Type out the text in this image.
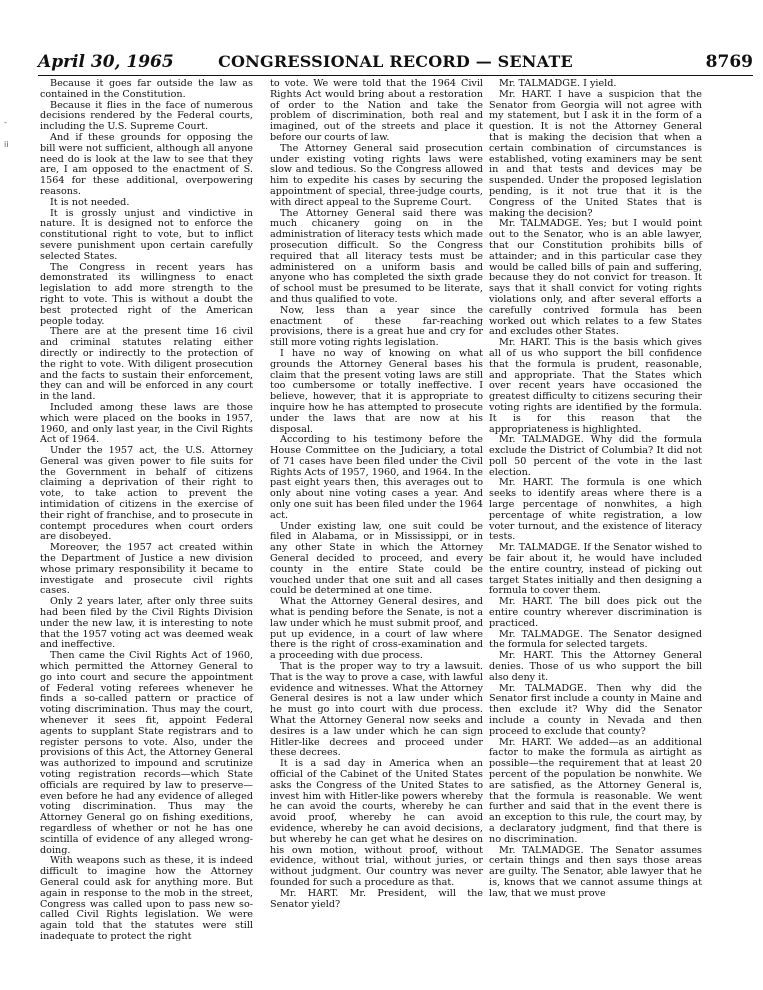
April 30, 1965	CONGRESSIONAL RECORD — SENATE	8769
-
ii

Because it goes far outside the law as contained in the Constitution.

Because it flies in the face of numerous decisions rendered by the Federal courts, including the U.S. Supreme Court.

And if these grounds for opposing the bill were not sufficient, although all anyone need do is look at the law to see that they are, I am opposed to the enactment of S. 1564 for these additional, overpowering reasons.

It is not needed.

It is grossly unjust and vindictive in nature. It is designed not to enforce the constitutional right to vote, but to inflict severe punishment upon certain carefully selected States.

The Congress in recent years has demonstrated its willingness to enact legislation to add more strength to the right to vote. This is without a doubt the best protected right of the American people today.

There are at the present time 16 civil and criminal statutes relating either directly or indirectly to the protection of the right to vote. With diligent prosecution and the facts to sustain their enforcement, they can and will be enforced in any court in the land.

Included among these laws are those which were placed on the books in 1957, 1960, and only last year, in the Civil Rights Act of 1964.

Under the 1957 act, the U.S. Attorney General was given power to file suits for the Government in behalf of citizens claiming a deprivation of their right to vote, to take action to prevent the intimidation of citizens in the exercise of their right of franchise, and to prosecute in contempt procedures when court orders are disobeyed.

Moreover, the 1957 act created within the Department of Justice a new division whose primary responsibility it became to investigate and prosecute civil rights cases.

Only 2 years later, after only three suits had been filed by the Civil Rights Division under the new law, it is interesting to note that the 1957 voting act was deemed weak and ineffective.

Then came the Civil Rights Act of 1960, which permitted the Attorney General to go into court and secure the appointment of Federal voting referees whenever he finds a so-called pattern or practice of voting discrimination. Thus may the court, whenever it sees fit, appoint Federal agents to supplant State registrars and to register persons to vote. Also, under the provisions of this Act, the Attorney General was authorized to impound and scrutinize voting registration records—which State officials are required by law to preserve—even before he had any evidence of alleged voting discrimination. Thus may the Attorney General go on fishing exeditions, regardless of whether or not he has one scintilla of evidence of any alleged wrong-doing.

With weapons such as these, it is indeed difficult to imagine how the Attorney General could ask for anything more. But again in response to the mob in the street, Congress was called upon to pass new so-called Civil Rights legislation. We were again told that the statutes were still inadequate to protect the right

to vote. We were told that the 1964 Civil Rights Act would bring about a restoration of order to the Nation and take the problem of discrimination, both real and imagined, out of the streets and place it before our courts of law.

The Attorney General said prosecution under existing voting rights laws were slow and tedious. So the Congress allowed him to expedite his cases by securing the appointment of special, three-judge courts, with direct appeal to the Supreme Court.

The Attorney General said there was much chicanery going on in the administration of literacy tests which made prosecution difficult. So the Congress required that all literacy tests must be administered on a uniform basis and anyone who has completed the sixth grade of school must be presumed to be literate, and thus qualified to vote.

Now, less than a year since the enactment of these far-reaching provisions, there is a great hue and cry for still more voting rights legislation.

I have no way of knowing on what grounds the Attorney General bases his claim that the present voting laws are still too cumbersome or totally ineffective. I believe, however, that it is appropriate to inquire how he has attempted to prosecute under the laws that are now at his disposal.

According to his testimony before the House Committee on the Judiciary, a total of 71 cases have been filed under the Civil Rights Acts of 1957, 1960, and 1964. In the past eight years then, this averages out to only about nine voting cases a year. And only one suit has been filed under the 1964 act.

Under existing law, one suit could be filed in Alabama, or in Mississippi, or in any other State in which the Attorney General decided to proceed, and every county in the entire State could be vouched under that one suit and all cases could be determined at one time.

What the Attorney General desires, and what is pending before the Senate, is not a law under which he must submit proof, and put up evidence, in a court of law where there is the right of cross-examination and a proceeding with due process.

That is the proper way to try a lawsuit. That is the way to prove a case, with lawful evidence and witnesses. What the Attorney General desires is not a law under which he must go into court with due process. What the Attorney General now seeks and desires is a law under which he can sign Hitler-like decrees and proceed under these decrees.

It is a sad day in America when an official of the Cabinet of the United States asks the Congress of the United States to invest him with Hitler-like powers whereby he can avoid the courts, whereby he can avoid proof, whereby he can avoid evidence, whereby he can avoid decisions, but whereby he can get what he desires on his own motion, without proof, without evidence, without trial, without juries, or without judgment. Our country was never founded for such a procedure as that.

Mr. HART. Mr. President, will the Senator yield?

Mr. TALMADGE. I yield.

Mr. HART. I have a suspicion that the Senator from Georgia will not agree with my statement, but I ask it in the form of a question. It is not the Attorney General that is making the decision that when a certain combination of circumstances is established, voting examiners may be sent in and that tests and devices may be suspended. Under the proposed legislation pending, is it not true that it is the Congress of the United States that is making the decision?

Mr. TALMADGE. Yes; but I would point out to the Senator, who is an able lawyer, that our Constitution prohibits bills of attainder; and in this particular case they would be called bills of pain and suffering, because they do not convict for treason. It says that it shall convict for voting rights violations only, and after several efforts a carefully contrived formula has been worked out which relates to a few States and excludes other States.

Mr. HART. This is the basis which gives all of us who support the bill confidence that the formula is prudent, reasonable, and appropriate. That the States which over recent years have occasioned the greatest difficulty to citizens securing their voting rights are identified by the formula. It is for this reason that the appropriateness is highlighted.

Mr. TALMADGE. Why did the formula exclude the District of Columbia? It did not poll 50 percent of the vote in the last election.

Mr. HART. The formula is one which seeks to identify areas where there is a large percentage of nonwhites, a high percentage of white registration, a low voter turnout, and the existence of literacy tests.

Mr. TALMADGE. If the Senator wished to be fair about it, he would have included the entire country, instead of picking out target States initially and then designing a formula to cover them.

Mr. HART. The bill does pick out the entire country wherever discrimination is practiced.

Mr. TALMADGE. The Senator designed the formula for selected targets.

Mr. HART. This the Attorney General denies. Those of us who support the bill also deny it.

Mr. TALMADGE. Then why did the Senator first include a county in Maine and then exclude it? Why did the Senator include a county in Nevada and then proceed to exclude that county?

Mr. HART. We added—as an additional factor to make the formula as airtight as possible—the requirement that at least 20 percent of the population be nonwhite. We are satisfied, as the Attorney General is, that the formula is reasonable. We went further and said that in the event there is an exception to this rule, the court may, by a declaratory judgment, find that there is no discrimination.

Mr. TALMADGE. The Senator assumes certain things and then says those areas are guilty. The Senator, able lawyer that he is, knows that we cannot assume things at law, that we must prove
